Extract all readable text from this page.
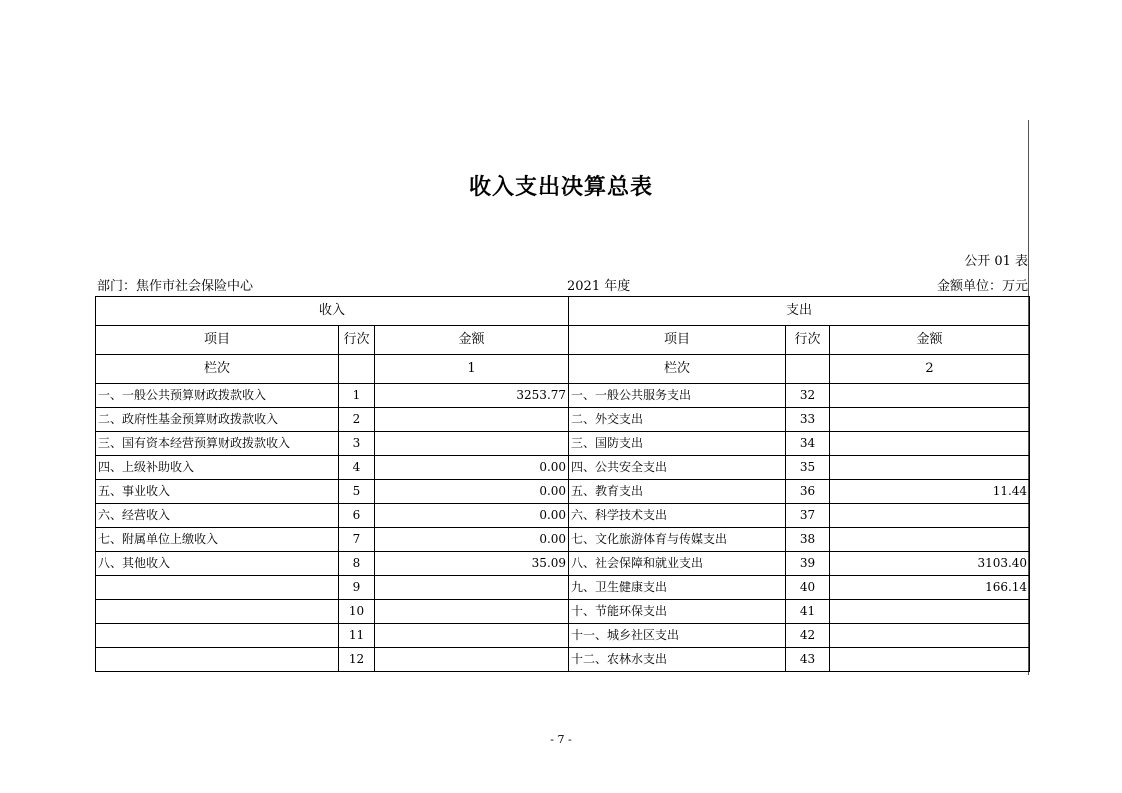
收入支出决算总表
公开 01 表
部门：焦作市社会保险中心	2021 年度	金额单位：万元
收入			支出		
项目	行次	金额	项目	行次	金额
栏次		1	栏次		2
一、一般公共预算财政拨款收入	1	3253.77	一、一般公共服务支出	32	
二、政府性基金预算财政拨款收入	2		二、外交支出	33	
三、国有资本经营预算财政拨款收入	3		三、国防支出	34	
四、上级补助收入	4	0.00	四、公共安全支出	35	
五、事业收入	5	0.00	五、教育支出	36	11.44
六、经营收入	6	0.00	六、科学技术支出	37	
七、附属单位上缴收入	7	0.00	七、文化旅游体育与传媒支出	38	
八、其他收入	8	35.09	八、社会保障和就业支出	39	3103.40
	9		九、卫生健康支出	40	166.14
	10		十、节能环保支出	41	
	11		十一、城乡社区支出	42	
	12		十二、农林水支出	43	
- 7 -
